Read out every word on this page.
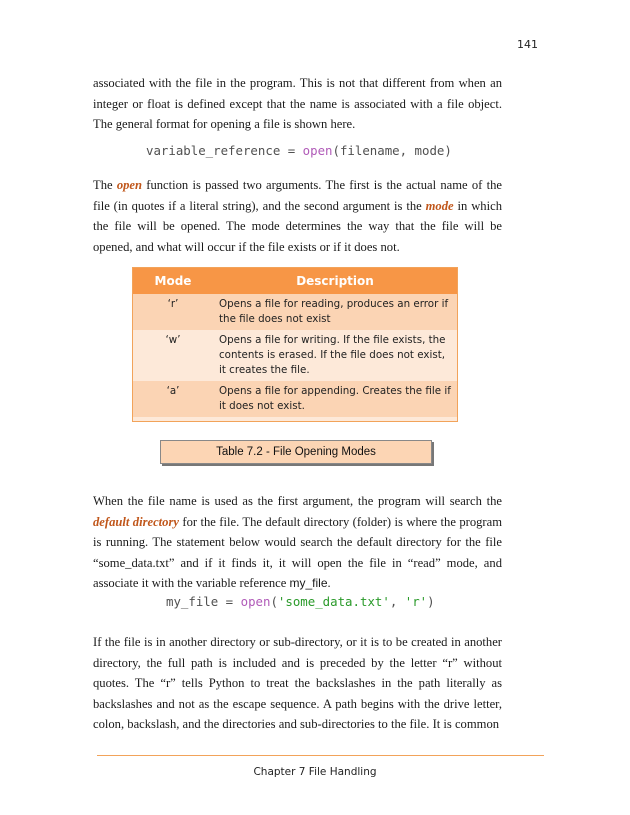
141

associated with the file in the program. This is not that different from when an integer or float is defined except that the name is associated with a file object. The general format for opening a file is shown here.

variable_reference = open(filename, mode)

The open function is passed two arguments. The first is the actual name of the file (in quotes if a literal string), and the second argument is the mode in which the file will be opened. The mode determines the way that the file will be opened, and what will occur if the file exists or if it does not.

Mode	Description
‘r’	Opens a file for reading, produces an error if the file does not exist
‘w’	Opens a file for writing. If the file exists, the contents is erased. If the file does not exist, it creates the file.
‘a’	Opens a file for appending. Creates the file if it does not exist.

Table 7.2 - File Opening Modes

When the file name is used as the first argument, the program will search the default directory for the file. The default directory (folder) is where the program is running. The statement below would search the default directory for the file “some_data.txt” and if it finds it, it will open the file in “read” mode, and associate it with the variable reference my_file.

my_file = open('some_data.txt', 'r')

If the file is in another directory or sub-directory, or it is to be created in another directory, the full path is included and is preceded by the letter “r” without quotes. The “r” tells Python to treat the backslashes in the path literally as backslashes and not as the escape sequence. A path begins with the drive letter, colon, backslash, and the directories and sub-directories to the file. It is common

Chapter 7 File Handling
